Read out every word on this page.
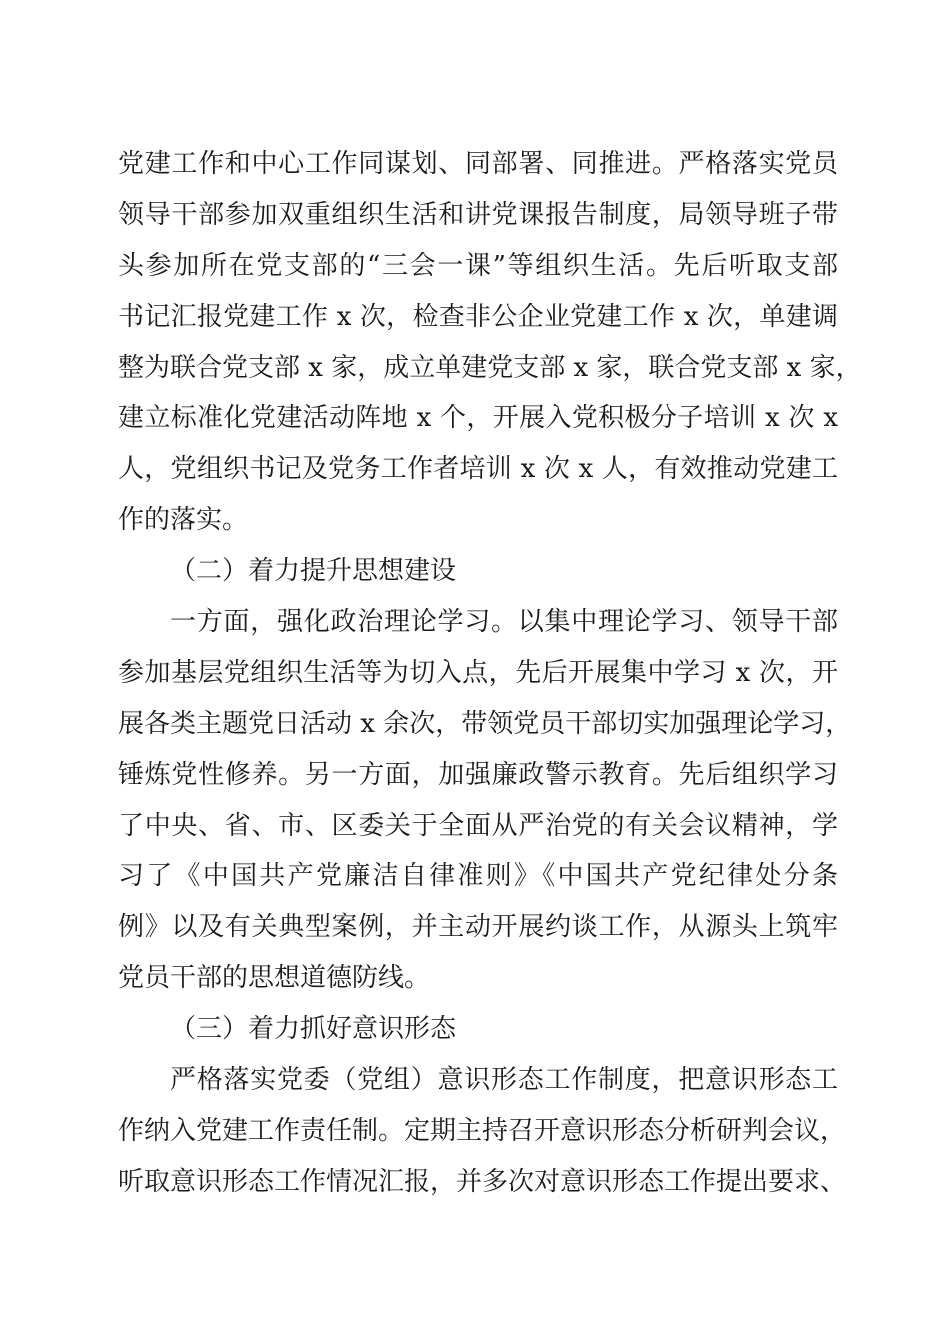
党建工作和中心工作同谋划、同部署、同推进。严格落实党员
领导干部参加双重组织生活和讲党课报告制度，局领导班子带
头参加所在党支部的“三会一课”等组织生活。先后听取支部
书记汇报党建工作 x 次，检查非公企业党建工作 x 次，单建调
整为联合党支部 x 家，成立单建党支部 x 家，联合党支部 x 家，
建立标准化党建活动阵地 x 个，开展入党积极分子培训 x 次 x
人，党组织书记及党务工作者培训 x 次 x 人，有效推动党建工
作的落实。
（二）着力提升思想建设
一方面，强化政治理论学习。以集中理论学习、领导干部
参加基层党组织生活等为切入点，先后开展集中学习 x 次，开
展各类主题党日活动 x 余次，带领党员干部切实加强理论学习，
锤炼党性修养。另一方面，加强廉政警示教育。先后组织学习
了中央、省、市、区委关于全面从严治党的有关会议精神，学
习了《中国共产党廉洁自律准则》《中国共产党纪律处分条
例》以及有关典型案例，并主动开展约谈工作，从源头上筑牢
党员干部的思想道德防线。
（三）着力抓好意识形态
严格落实党委（党组）意识形态工作制度，把意识形态工
作纳入党建工作责任制。定期主持召开意识形态分析研判会议，
听取意识形态工作情况汇报，并多次对意识形态工作提出要求、
